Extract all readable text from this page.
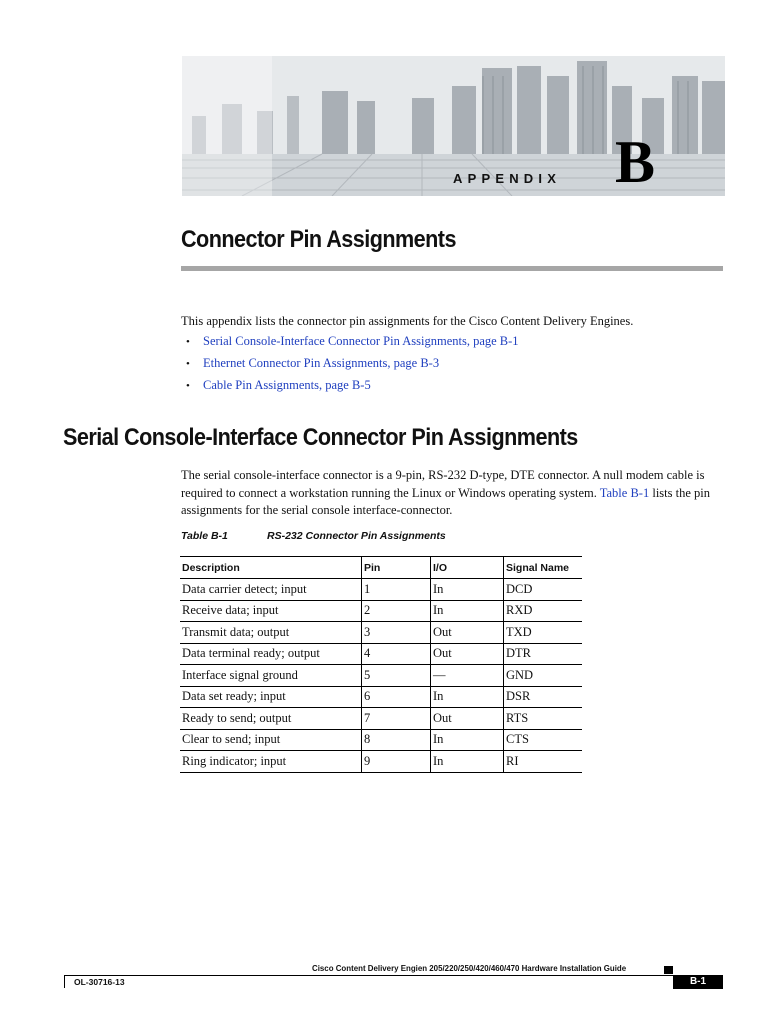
APPENDIX B
Connector Pin Assignments
This appendix lists the connector pin assignments for the Cisco Content Delivery Engines.
• Serial Console-Interface Connector Pin Assignments, page B-1
• Ethernet Connector Pin Assignments, page B-3
• Cable Pin Assignments, page B-5
Serial Console-Interface Connector Pin Assignments

The serial console-interface connector is a 9-pin, RS-232 D-type, DTE connector. A null modem cable is required to connect a workstation running the Linux or Windows operating system. Table B-1 lists the pin assignments for the serial console interface-connector.

Table B-1	RS-232 Connector Pin Assignments
Description	Pin	I/O	Signal Name
Data carrier detect; input	1	In	DCD
Receive data; input	2	In	RXD
Transmit data; output	3	Out	TXD
Data terminal ready; output	4	Out	DTR
Interface signal ground	5	—	GND
Data set ready; input	6	In	DSR
Ready to send; output	7	Out	RTS
Clear to send; input	8	In	CTS
Ring indicator; input	9	In	RI
Cisco Content Delivery Engien 205/220/250/420/460/470 Hardware Installation Guide
OL-30716-13	B-1
